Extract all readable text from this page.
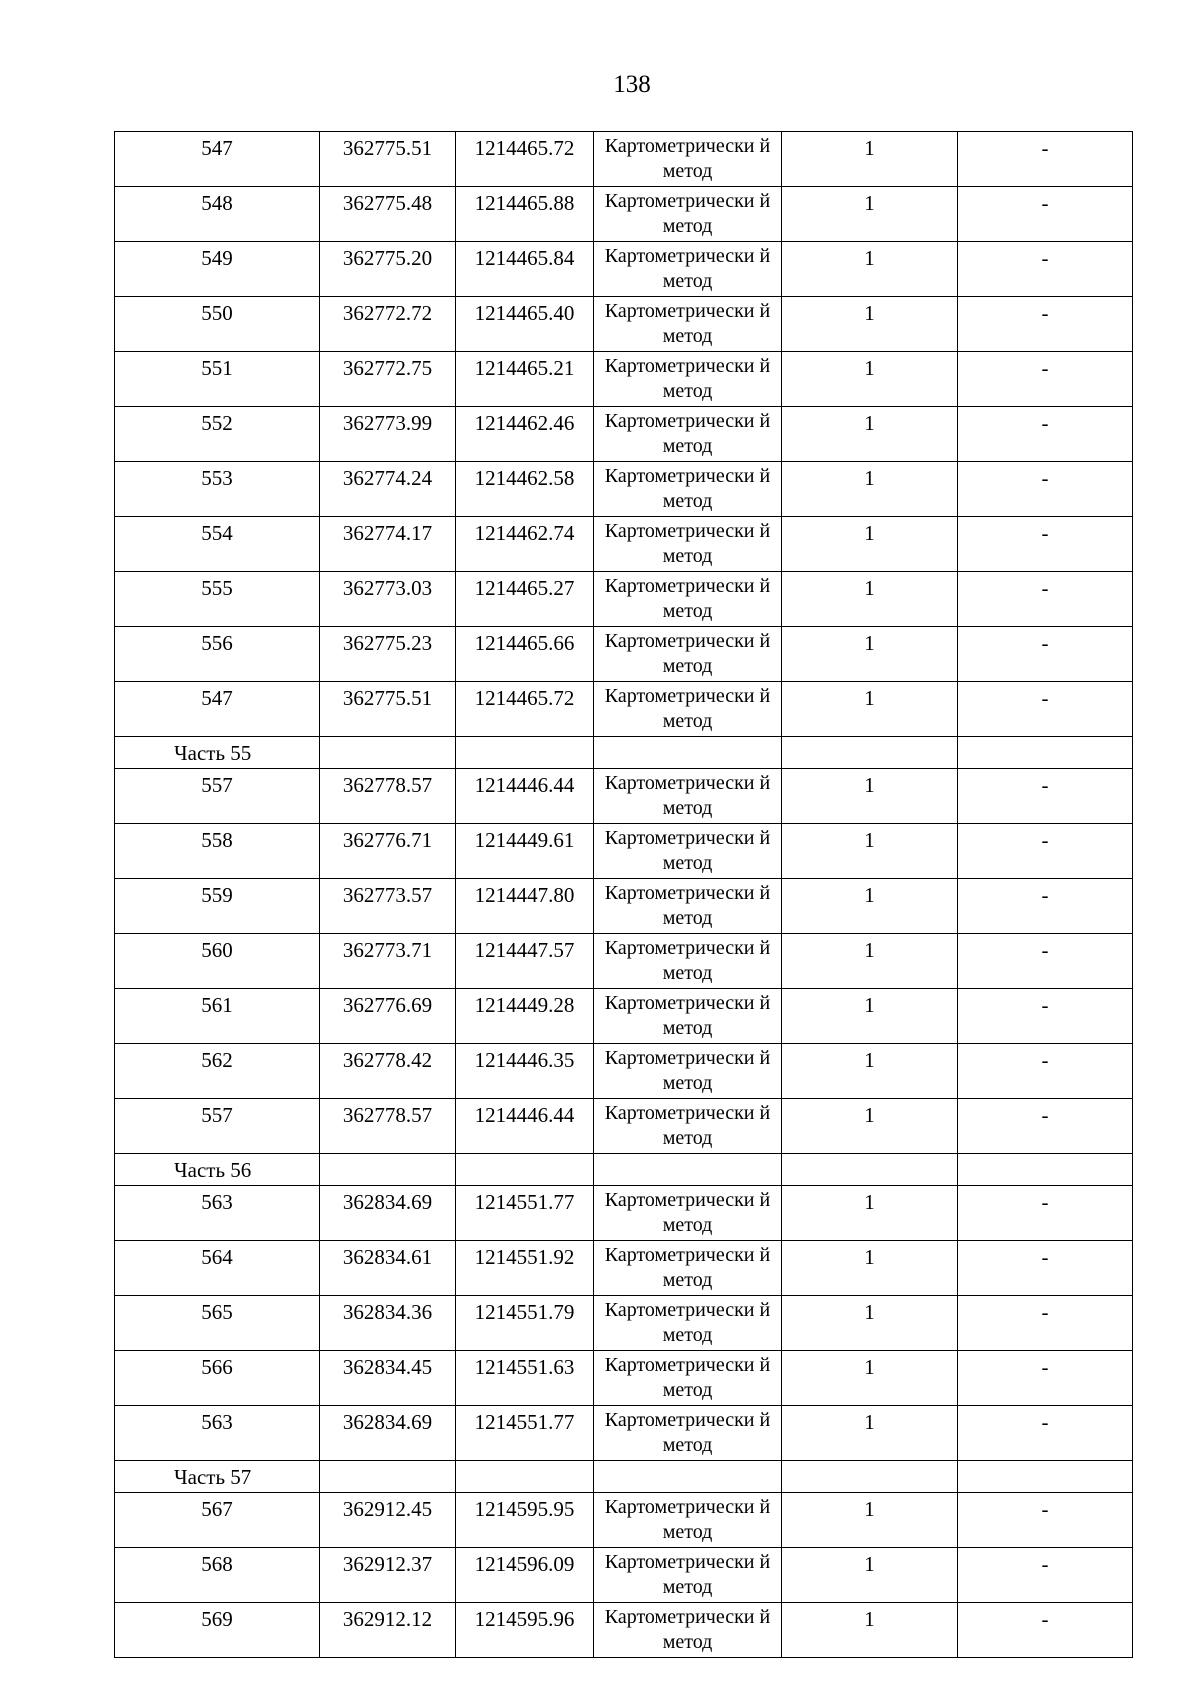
138
547	362775.51	1214465.72	Картометрически й метод	1	-
548	362775.48	1214465.88	Картометрически й метод	1	-
549	362775.20	1214465.84	Картометрически й метод	1	-
550	362772.72	1214465.40	Картометрически й метод	1	-
551	362772.75	1214465.21	Картометрически й метод	1	-
552	362773.99	1214462.46	Картометрически й метод	1	-
553	362774.24	1214462.58	Картометрически й метод	1	-
554	362774.17	1214462.74	Картометрически й метод	1	-
555	362773.03	1214465.27	Картометрически й метод	1	-
556	362775.23	1214465.66	Картометрически й метод	1	-
547	362775.51	1214465.72	Картометрически й метод	1	-
Часть 55					
557	362778.57	1214446.44	Картометрически й метод	1	-
558	362776.71	1214449.61	Картометрически й метод	1	-
559	362773.57	1214447.80	Картометрически й метод	1	-
560	362773.71	1214447.57	Картометрически й метод	1	-
561	362776.69	1214449.28	Картометрически й метод	1	-
562	362778.42	1214446.35	Картометрически й метод	1	-
557	362778.57	1214446.44	Картометрически й метод	1	-
Часть 56					
563	362834.69	1214551.77	Картометрически й метод	1	-
564	362834.61	1214551.92	Картометрически й метод	1	-
565	362834.36	1214551.79	Картометрически й метод	1	-
566	362834.45	1214551.63	Картометрически й метод	1	-
563	362834.69	1214551.77	Картометрически й метод	1	-
Часть 57					
567	362912.45	1214595.95	Картометрически й метод	1	-
568	362912.37	1214596.09	Картометрически й метод	1	-
569	362912.12	1214595.96	Картометрически й метод	1	-
